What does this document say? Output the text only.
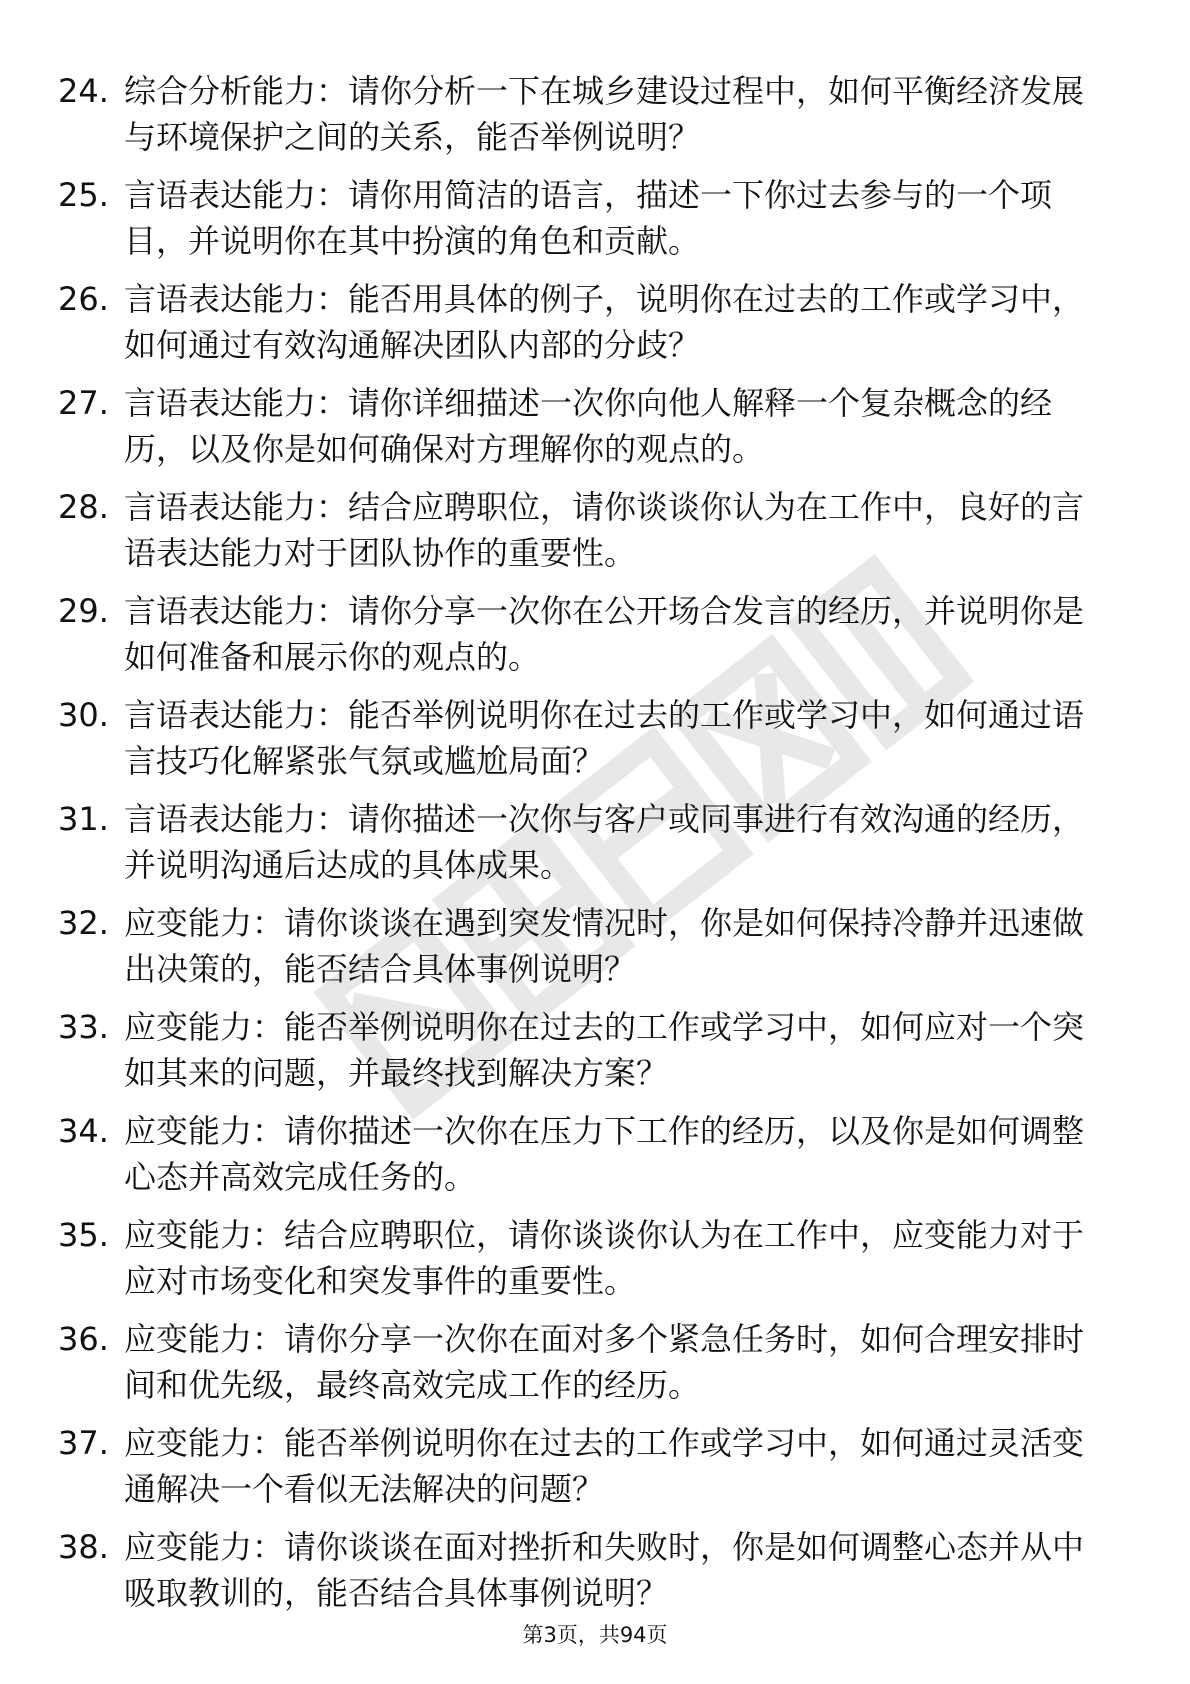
24. 综合分析能力：请你分析一下在城乡建设过程中，如何平衡经济发展与环境保护之间的关系，能否举例说明？
25. 言语表达能力：请你用简洁的语言，描述一下你过去参与的一个项目，并说明你在其中扮演的角色和贡献。
26. 言语表达能力：能否用具体的例子，说明你在过去的工作或学习中，如何通过有效沟通解决团队内部的分歧？
27. 言语表达能力：请你详细描述一次你向他人解释一个复杂概念的经历，以及你是如何确保对方理解你的观点的。
28. 言语表达能力：结合应聘职位，请你谈谈你认为在工作中，良好的言语表达能力对于团队协作的重要性。
29. 言语表达能力：请你分享一次你在公开场合发言的经历，并说明你是如何准备和展示你的观点的。
30. 言语表达能力：能否举例说明你在过去的工作或学习中，如何通过语言技巧化解紧张气氛或尴尬局面？
31. 言语表达能力：请你描述一次你与客户或同事进行有效沟通的经历，并说明沟通后达成的具体成果。
32. 应变能力：请你谈谈在遇到突发情况时，你是如何保持冷静并迅速做出决策的，能否结合具体事例说明？
33. 应变能力：能否举例说明你在过去的工作或学习中，如何应对一个突如其来的问题，并最终找到解决方案？
34. 应变能力：请你描述一次你在压力下工作的经历，以及你是如何调整心态并高效完成任务的。
35. 应变能力：结合应聘职位，请你谈谈你认为在工作中，应变能力对于应对市场变化和突发事件的重要性。
36. 应变能力：请你分享一次你在面对多个紧急任务时，如何合理安排时间和优先级，最终高效完成工作的经历。
37. 应变能力：能否举例说明你在过去的工作或学习中，如何通过灵活变通解决一个看似无法解决的问题？
38. 应变能力：请你谈谈在面对挫折和失败时，你是如何调整心态并从中吸取教训的，能否结合具体事例说明？
第3页，共94页
